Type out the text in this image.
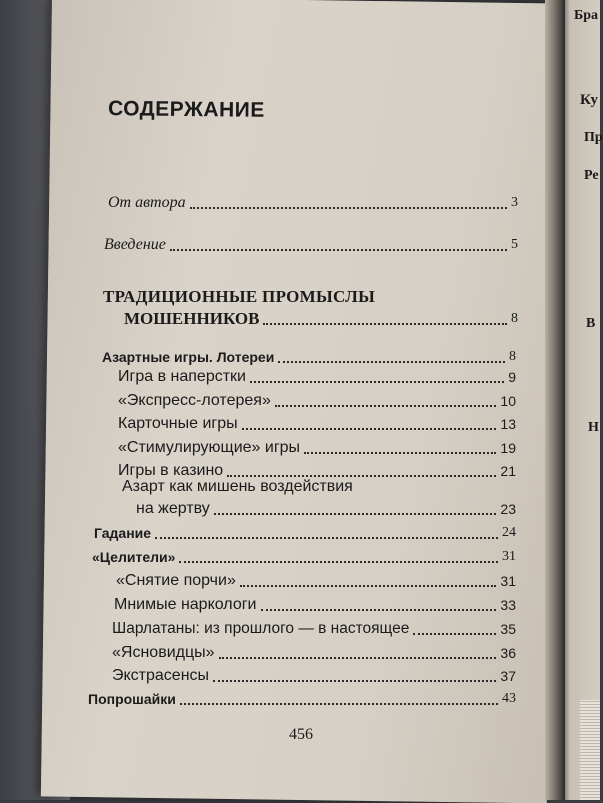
Бра
Ку
Пр
Ре
В
Н
СОДЕРЖАНИЕ
От автора	3
Введение	5
ТРАДИЦИОННЫЕ ПРОМЫСЛЫ
МОШЕННИКОВ	8
Азартные игры. Лотереи	8
Игра в наперстки	9
«Экспресс-лотерея»	10
Карточные игры	13
«Стимулирующие» игры	19
Игры в казино	21
Азарт как мишень воздействия
на жертву	23
Гадание	24
«Целители»	31
«Снятие порчи»	31
Мнимые наркологи	33
Шарлатаны: из прошлого — в настоящее	35
«Ясновидцы»	36
Экстрасенсы	37
Попрошайки	43
456
